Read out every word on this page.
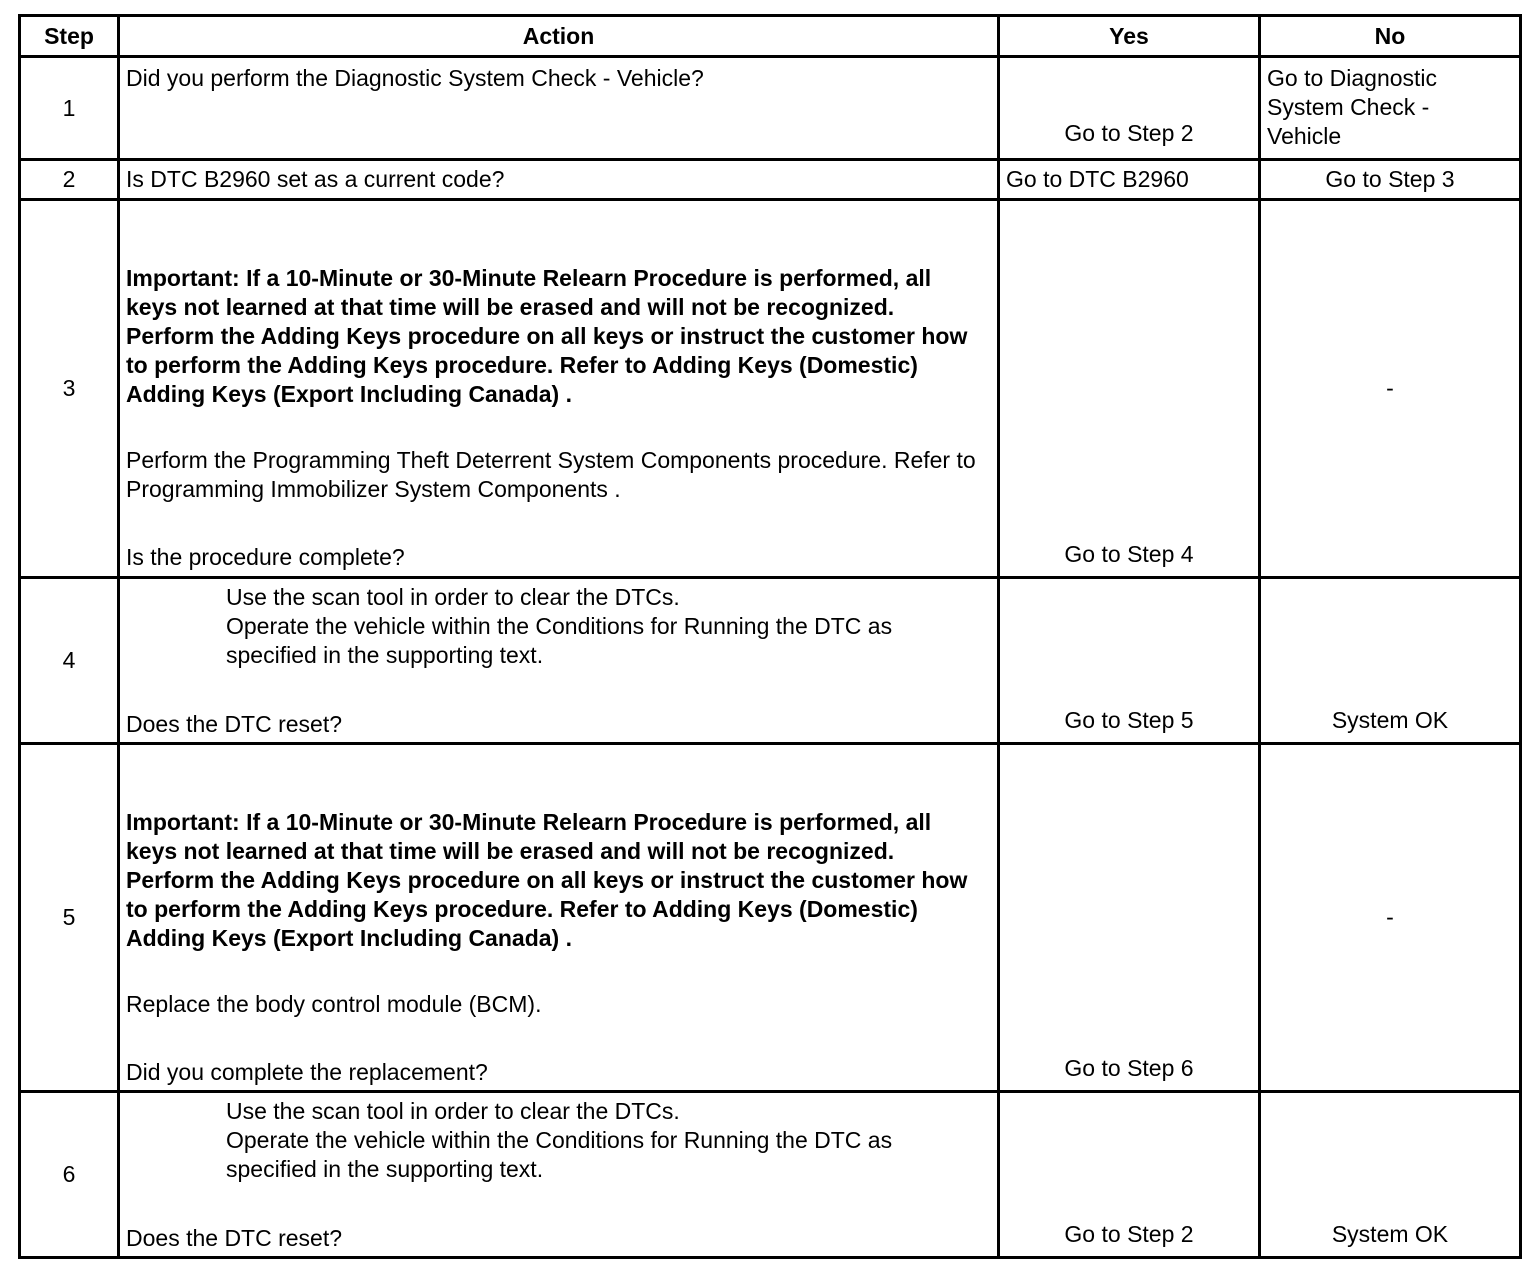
Step	Action	Yes	No
1	Did you perform the Diagnostic System Check - Vehicle?	Go to Step 2	Go to Diagnostic System Check - Vehicle

2	Is DTC B2960 set as a current code?	Go to DTC B2960	Go to Step 3

3	Important: If a 10-Minute or 30-Minute Relearn Procedure is performed, all keys not learned at that time will be erased and will not be recognized. Perform the Adding Keys procedure on all keys or instruct the customer how to perform the Adding Keys procedure. Refer to Adding Keys (Domestic) Adding Keys (Export Including Canada) .
Perform the Programming Theft Deterrent System Components procedure. Refer to Programming Immobilizer System Components .
Is the procedure complete?	Go to Step 4	-

4	Use the scan tool in order to clear the DTCs.
Operate the vehicle within the Conditions for Running the DTC as specified in the supporting text.
Does the DTC reset?	Go to Step 5	System OK

5	Important: If a 10-Minute or 30-Minute Relearn Procedure is performed, all keys not learned at that time will be erased and will not be recognized. Perform the Adding Keys procedure on all keys or instruct the customer how to perform the Adding Keys procedure. Refer to Adding Keys (Domestic) Adding Keys (Export Including Canada) .
Replace the body control module (BCM).
Did you complete the replacement?	Go to Step 6	-

6	Use the scan tool in order to clear the DTCs.
Operate the vehicle within the Conditions for Running the DTC as specified in the supporting text.
Does the DTC reset?	Go to Step 2	System OK
